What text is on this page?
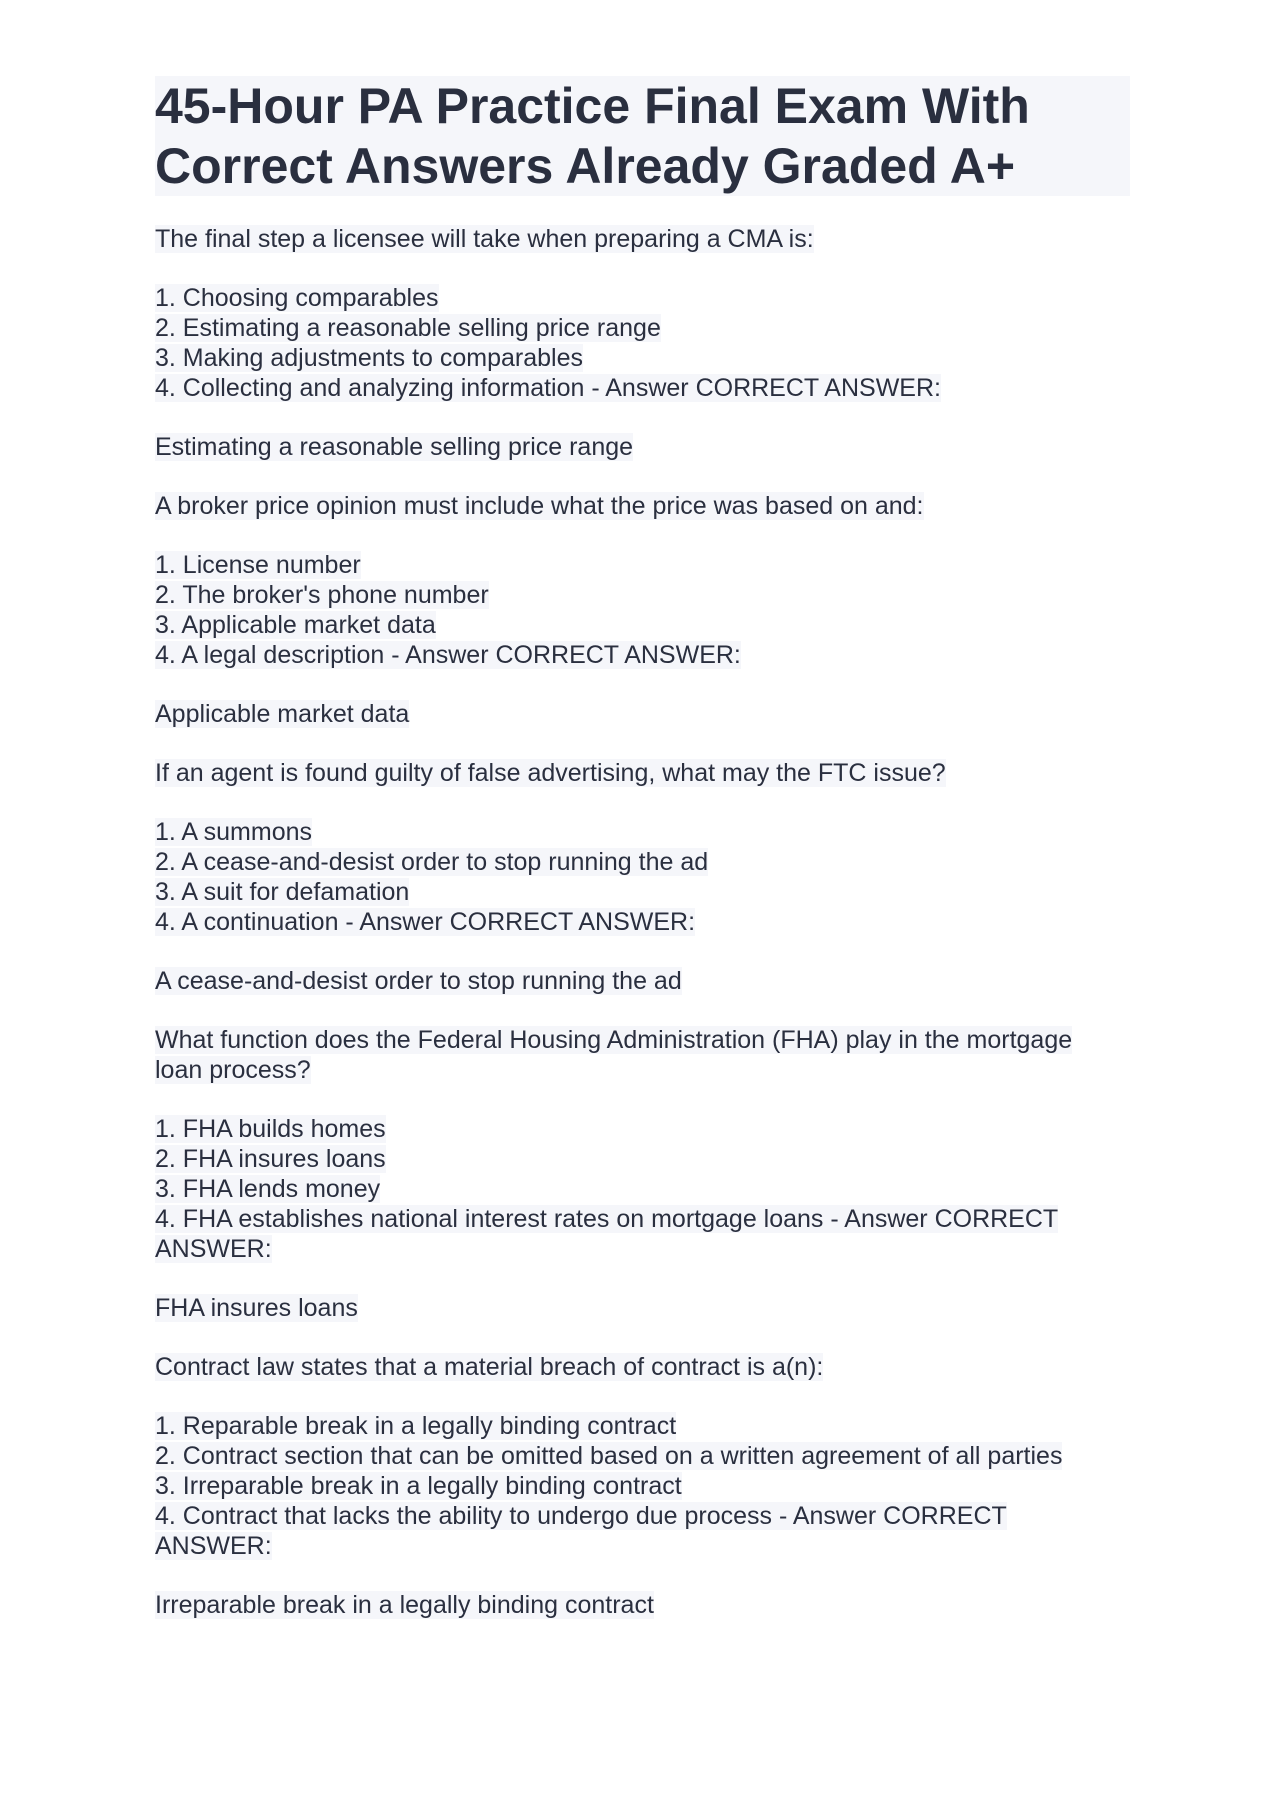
45-Hour PA Practice Final Exam With Correct Answers Already Graded A+
The final step a licensee will take when preparing a CMA is:
1. Choosing comparables
2. Estimating a reasonable selling price range
3. Making adjustments to comparables
4. Collecting and analyzing information - Answer CORRECT ANSWER:
Estimating a reasonable selling price range
A broker price opinion must include what the price was based on and:
1. License number
2. The broker's phone number
3. Applicable market data
4. A legal description - Answer CORRECT ANSWER:
Applicable market data
If an agent is found guilty of false advertising, what may the FTC issue?
1. A summons
2. A cease-and-desist order to stop running the ad
3. A suit for defamation
4. A continuation - Answer CORRECT ANSWER:
A cease-and-desist order to stop running the ad
What function does the Federal Housing Administration (FHA) play in the mortgage
loan process?
1. FHA builds homes
2. FHA insures loans
3. FHA lends money
4. FHA establishes national interest rates on mortgage loans - Answer CORRECT
ANSWER:
FHA insures loans
Contract law states that a material breach of contract is a(n):
1. Reparable break in a legally binding contract
2. Contract section that can be omitted based on a written agreement of all parties
3. Irreparable break in a legally binding contract
4. Contract that lacks the ability to undergo due process - Answer CORRECT
ANSWER:
Irreparable break in a legally binding contract
